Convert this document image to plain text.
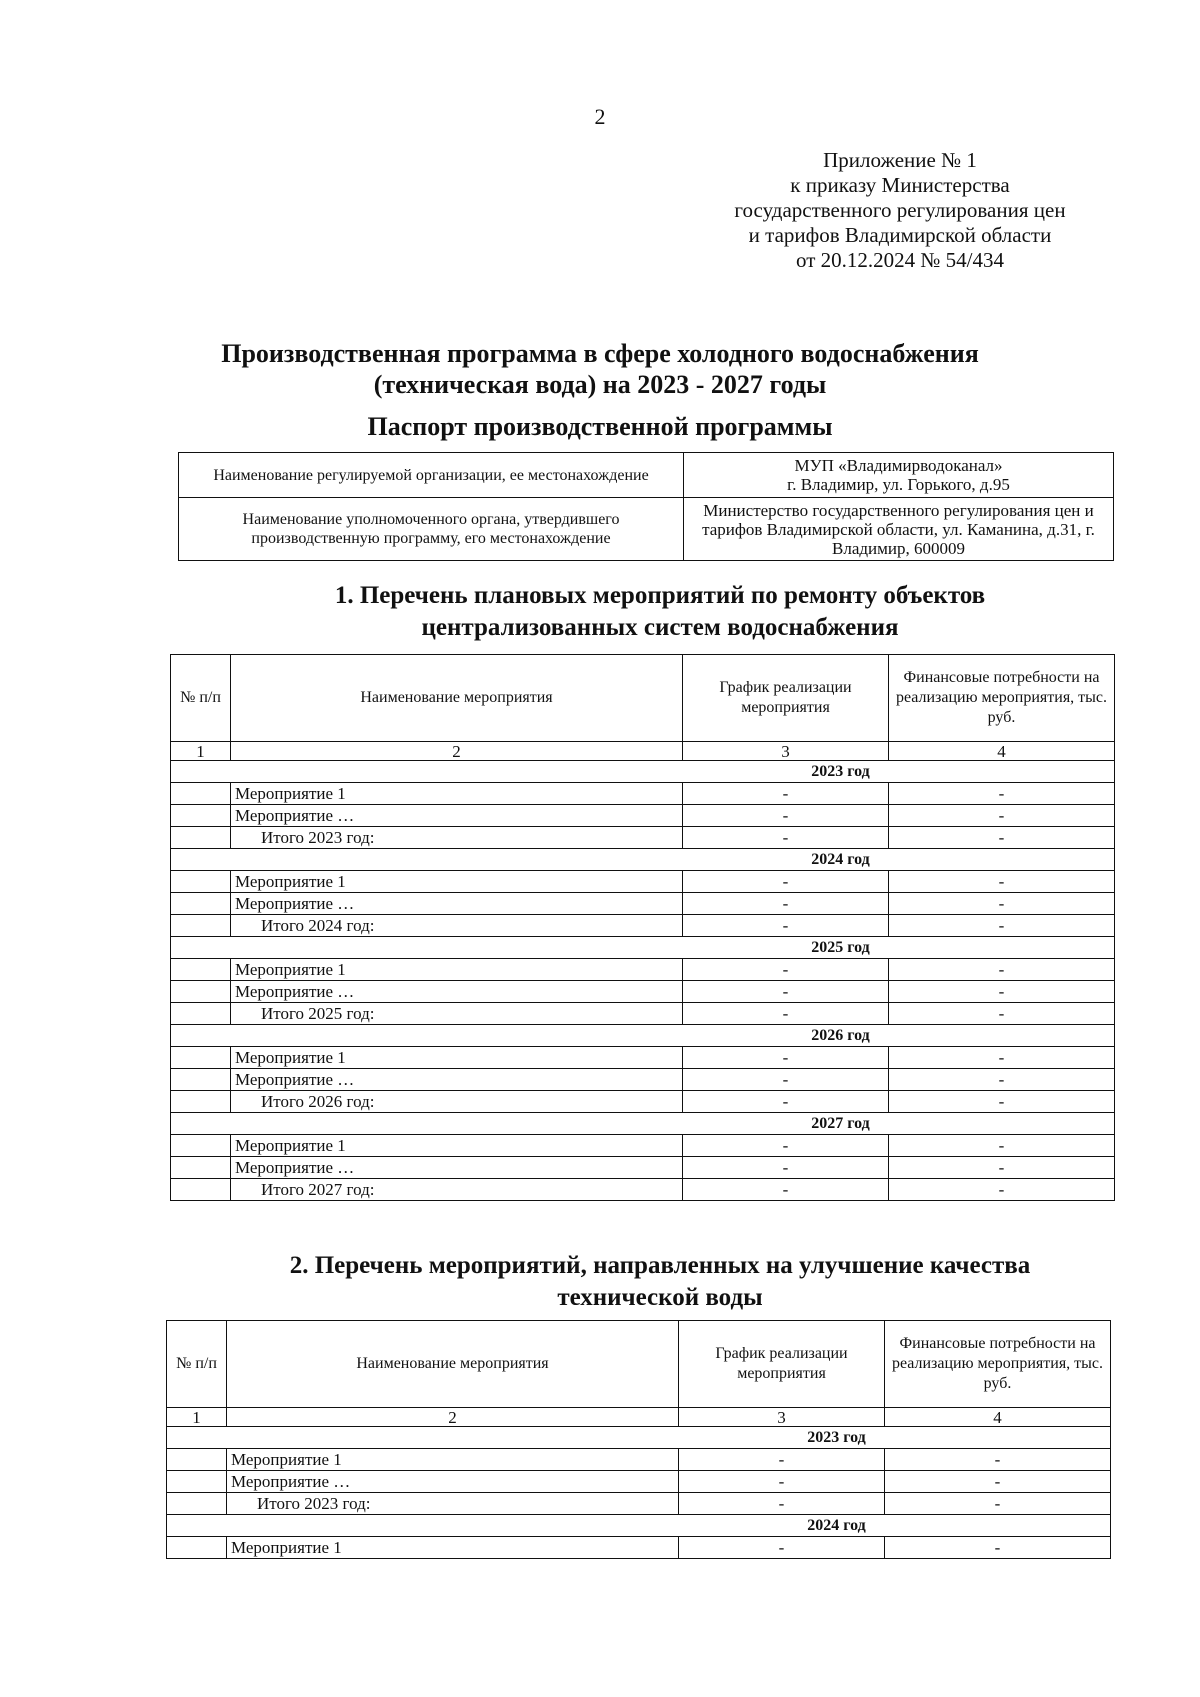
2
Приложение № 1
к приказу Министерства
государственного регулирования цен
и тарифов Владимирской области
от 20.12.2024 № 54/434
Производственная программа в сфере холодного водоснабжения
(техническая вода) на 2023 - 2027 годы
Паспорт производственной программы
Наименование регулируемой организации, ее местонахождение	МУП «Владимирводоканал»
г. Владимир, ул. Горького, д.95

Наименование уполномоченного органа, утвердившего производственную программу, его местонахождение	Министерство государственного регулирования цен и тарифов Владимирской области, ул. Каманина, д.31, г. Владимир, 600009
1. Перечень плановых мероприятий по ремонту объектов
централизованных систем водоснабжения
№ п/п	Наименование мероприятия	График реализации мероприятия	Финансовые потребности на реализацию мероприятия, тыс. руб.
1	2	3	4
2023 год			
	Мероприятие 1	-	-
	Мероприятие …	-	-
	Итого 2023 год:	-	-
2024 год			
	Мероприятие 1	-	-
	Мероприятие …	-	-
	Итого 2024 год:	-	-
2025 год			
	Мероприятие 1	-	-
	Мероприятие …	-	-
	Итого 2025 год:	-	-
2026 год			
	Мероприятие 1	-	-
	Мероприятие …	-	-
	Итого 2026 год:	-	-
2027 год			
	Мероприятие 1	-	-
	Мероприятие …	-	-
	Итого 2027 год:	-	-
2. Перечень мероприятий, направленных на улучшение качества
технической воды
№ п/п	Наименование мероприятия	График реализации мероприятия	Финансовые потребности на реализацию мероприятия, тыс. руб.
1	2	3	4
2023 год			
	Мероприятие 1	-	-
	Мероприятие …	-	-
	Итого 2023 год:	-	-
2024 год			
	Мероприятие 1	-	-
